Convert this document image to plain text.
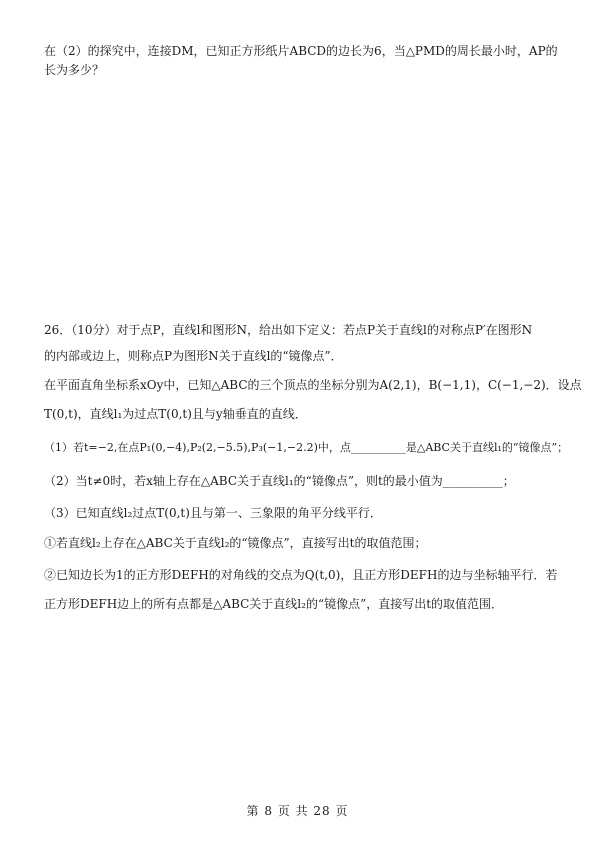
在（2）的探究中，连接DM，已知正方形纸片ABCD的边长为6，当△PMD的周长最小时，AP的长为多少？

26．（10分）对于点P，直线l和图形N，给出如下定义：若点P关于直线l的对称点P′在图形N

的内部或边上，则称点P为图形N关于直线l的“镜像点”．

在平面直角坐标系xOy中，已知△ABC的三个顶点的坐标分别为A(2,1)，B(−1,1)，C(−1,−2)．设点

T(0,t)，直线l₁为过点T(0,t)且与y轴垂直的直线．

（1）若t=−2,在点P₁(0,−4),P₂(2,−5.5),P₃(−1,−2.2)中，点__________是△ABC关于直线l₁的“镜像点”；

（2）当t≠0时，若x轴上存在△ABC关于直线l₁的“镜像点”，则t的最小值为__________；

（3）已知直线l₂过点T(0,t)且与第一、三象限的角平分线平行．

①若直线l₂上存在△ABC关于直线l₂的“镜像点”，直接写出t的取值范围；

②已知边长为1的正方形DEFH的对角线的交点为Q(t,0)，且正方形DEFH的边与坐标轴平行．若

正方形DEFH边上的所有点都是△ABC关于直线l₂的“镜像点”，直接写出t的取值范围．

第 8 页 共 28 页
